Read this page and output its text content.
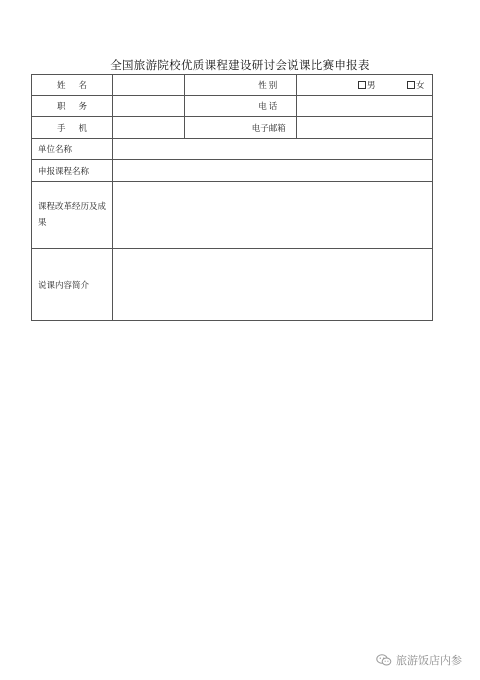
全国旅游院校优质课程建设研讨会说课比赛申报表
姓名			性别	男 女

职务			电话	
手机			电子邮箱	
单位名称				
申报课程名称				
课程改革经历及成果				
说课内容简介				
旅游饭店内参
